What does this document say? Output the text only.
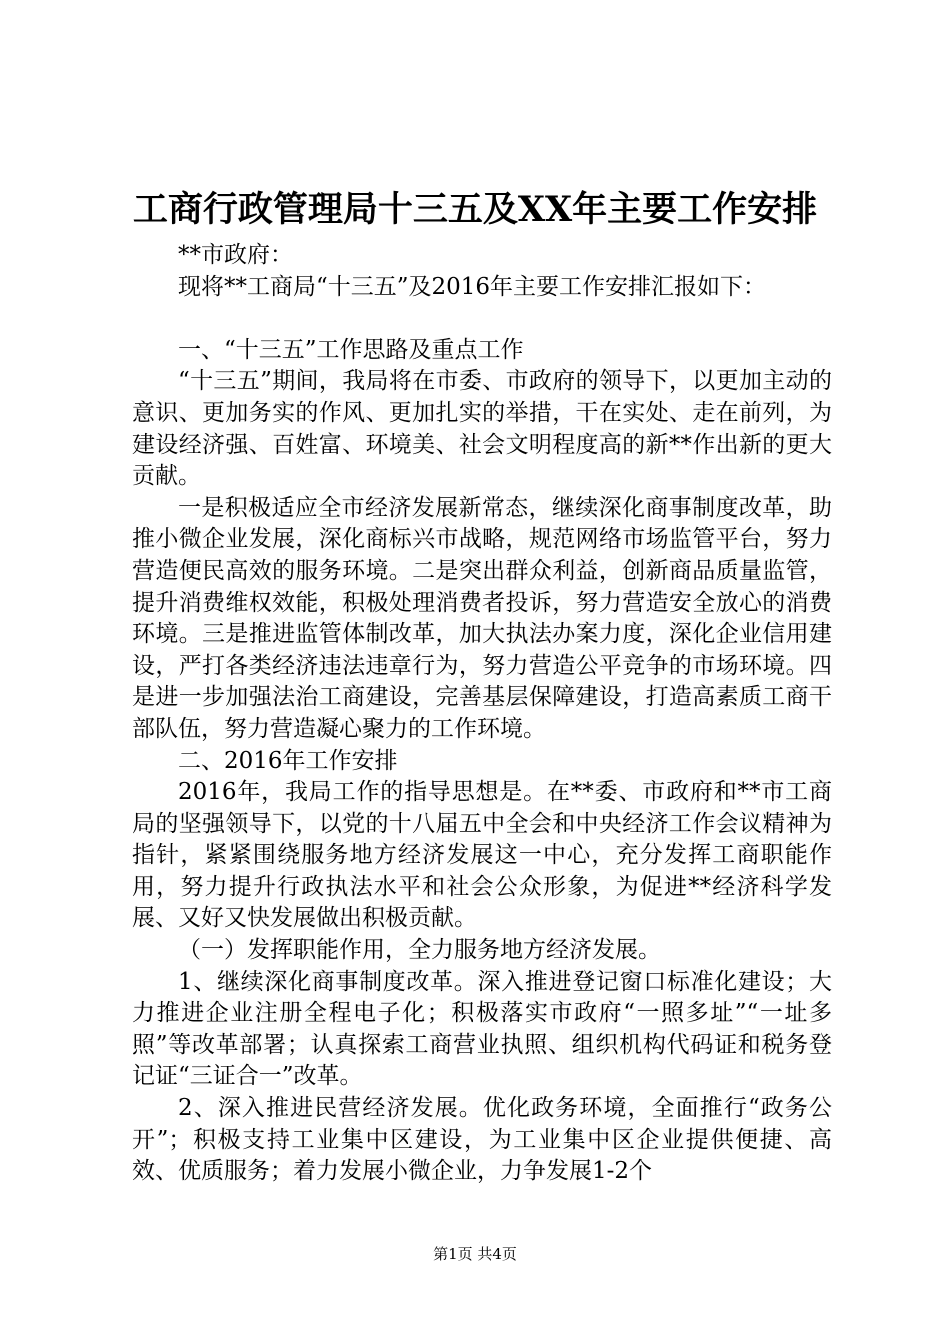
工商行政管理局十三五及XX年主要工作安排

**市政府：

现将**工商局“十三五”及2016年主要工作安排汇报如下：

一、“十三五”工作思路及重点工作

“十三五”期间，我局将在市委、市政府的领导下，以更加主动的意识、更加务实的作风、更加扎实的举措，干在实处、走在前列，为建设经济强、百姓富、环境美、社会文明程度高的新**作出新的更大贡献。

一是积极适应全市经济发展新常态，继续深化商事制度改革，助推小微企业发展，深化商标兴市战略，规范网络市场监管平台，努力营造便民高效的服务环境。二是突出群众利益，创新商品质量监管，提升消费维权效能，积极处理消费者投诉，努力营造安全放心的消费环境。三是推进监管体制改革，加大执法办案力度，深化企业信用建设，严打各类经济违法违章行为，努力营造公平竞争的市场环境。四是进一步加强法治工商建设，完善基层保障建设，打造高素质工商干部队伍，努力营造凝心聚力的工作环境。

二、2016年工作安排

2016年，我局工作的指导思想是。在**委、市政府和**市工商局的坚强领导下，以党的十八届五中全会和中央经济工作会议精神为指针，紧紧围绕服务地方经济发展这一中心，充分发挥工商职能作用，努力提升行政执法水平和社会公众形象，为促进**经济科学发展、又好又快发展做出积极贡献。

（一）发挥职能作用，全力服务地方经济发展。

1、继续深化商事制度改革。深入推进登记窗口标准化建设；大力推进企业注册全程电子化；积极落实市政府“一照多址”“一址多照”等改革部署；认真探索工商营业执照、组织机构代码证和税务登记证“三证合一”改革。

2、深入推进民营经济发展。优化政务环境，全面推行“政务公开”；积极支持工业集中区建设，为工业集中区企业提供便捷、高效、优质服务；着力发展小微企业，力争发展1-2个

第1页 共4页
